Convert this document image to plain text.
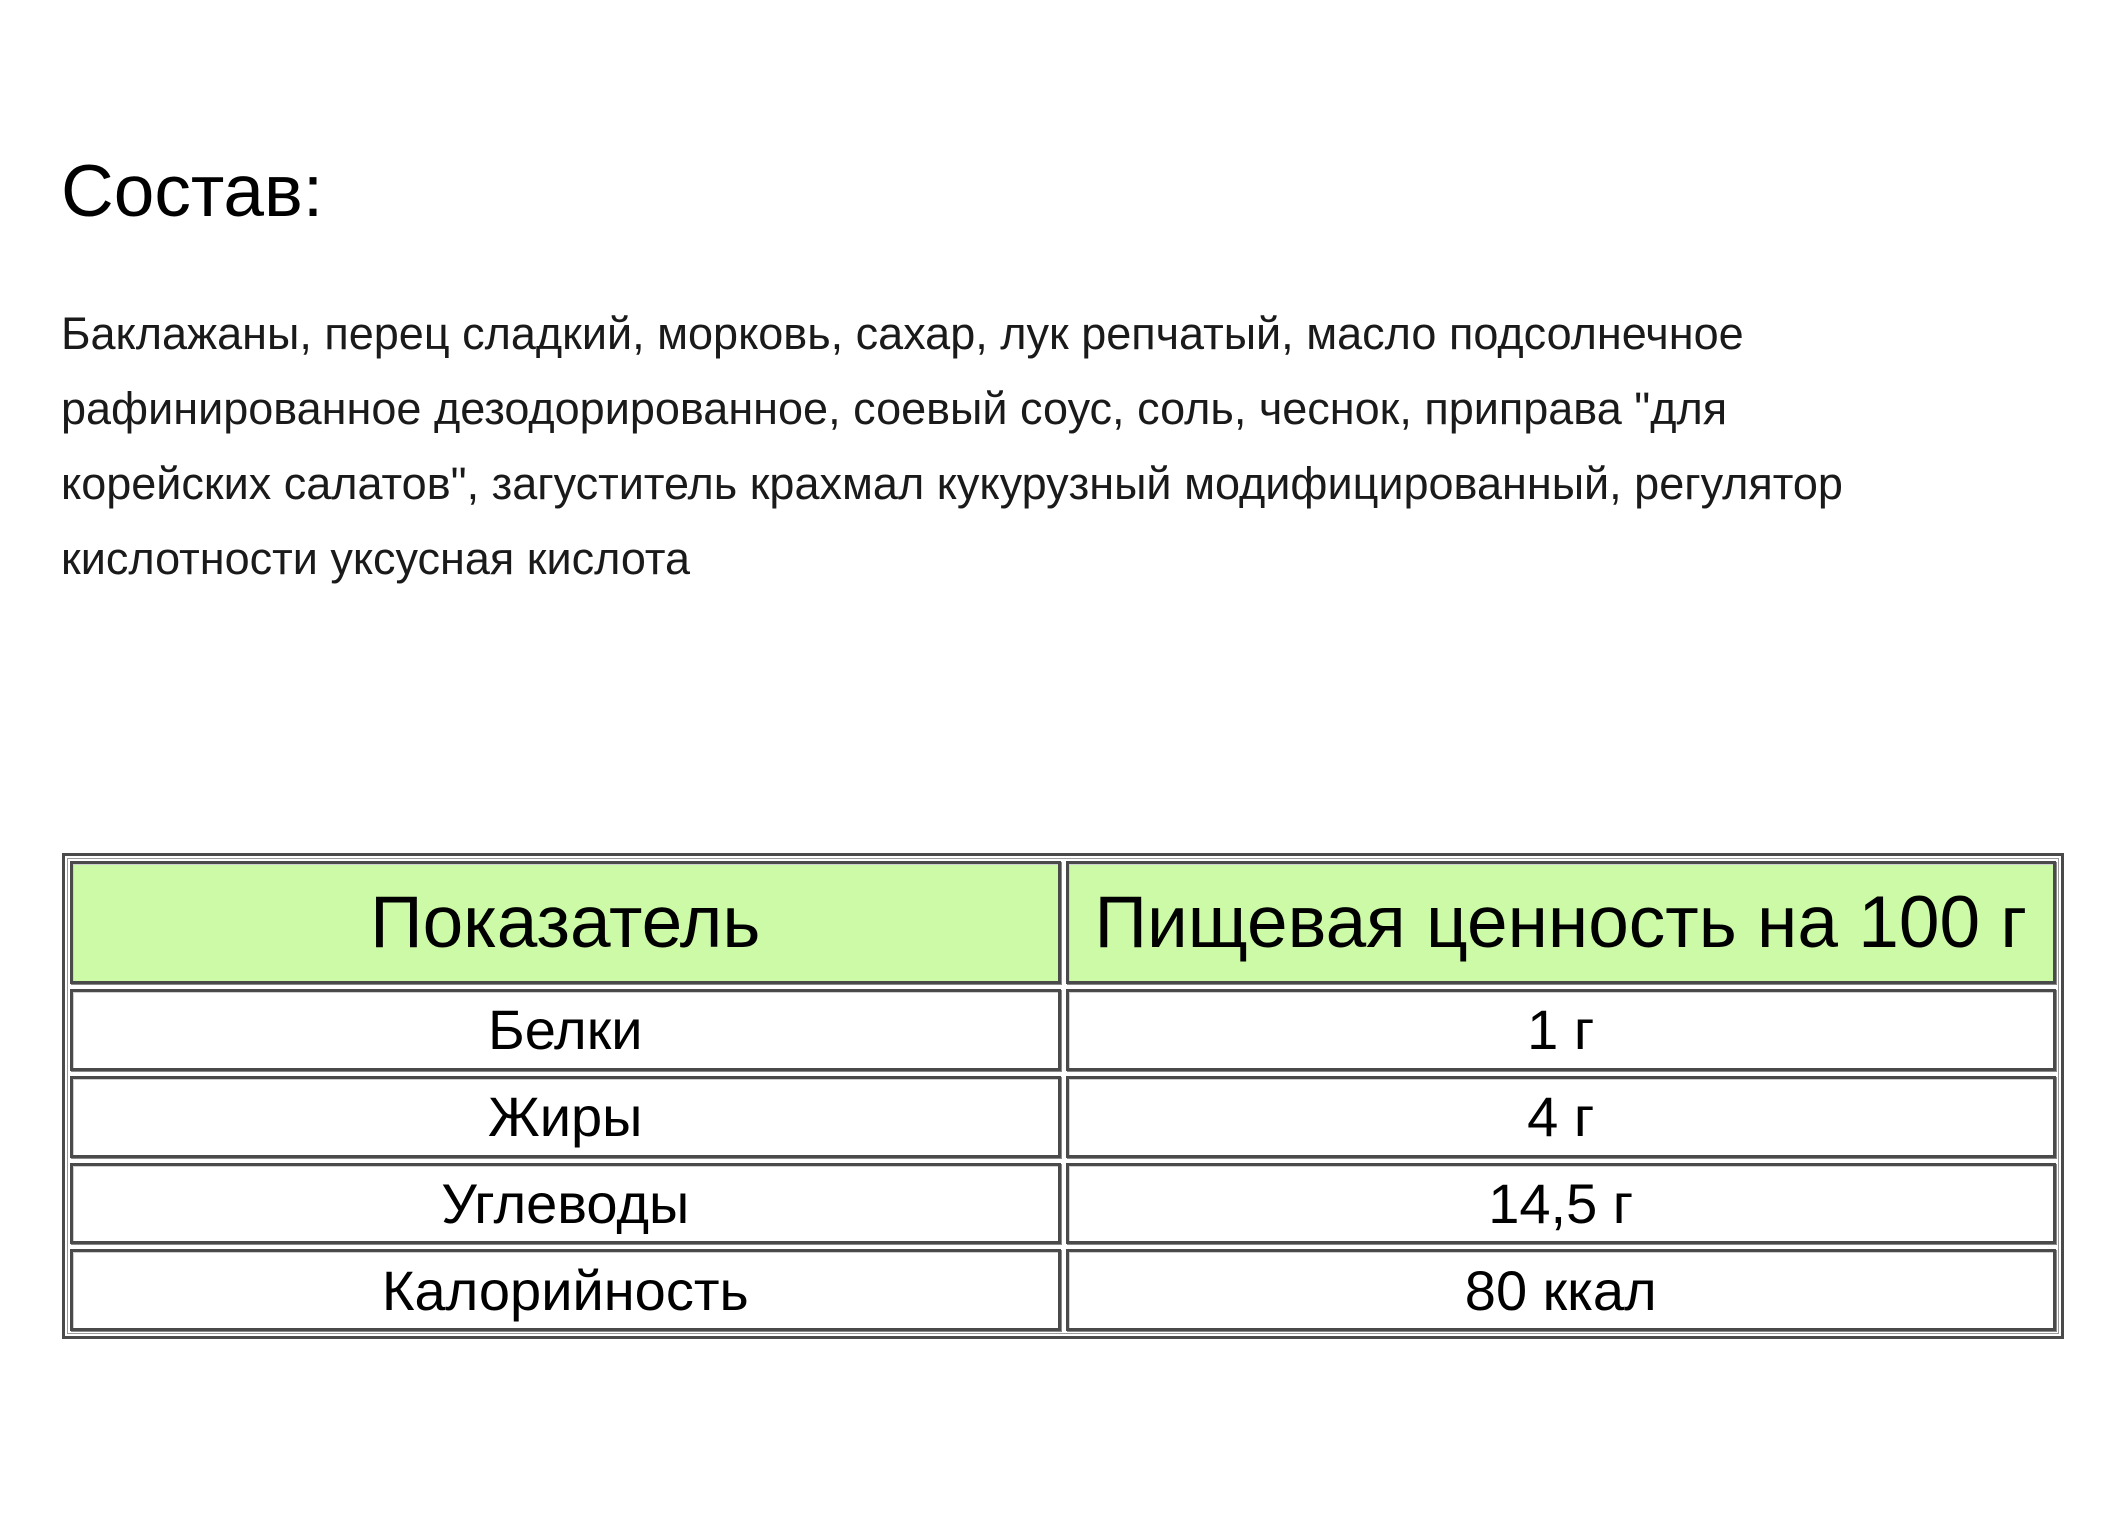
Состав:

Баклажаны, перец сладкий, морковь, сахар, лук репчатый, масло подсолнечное
рафинированное дезодорированное, соевый соус, соль, чеснок, приправа "для
корейских салатов", загуститель крахмал кукурузный модифицированный, регулятор
кислотности уксусная кислота

Показатель	Пищевая ценность на 100 г
Белки	1 г
Жиры	4 г
Углеводы	14,5 г
Калорийность	80 ккал
